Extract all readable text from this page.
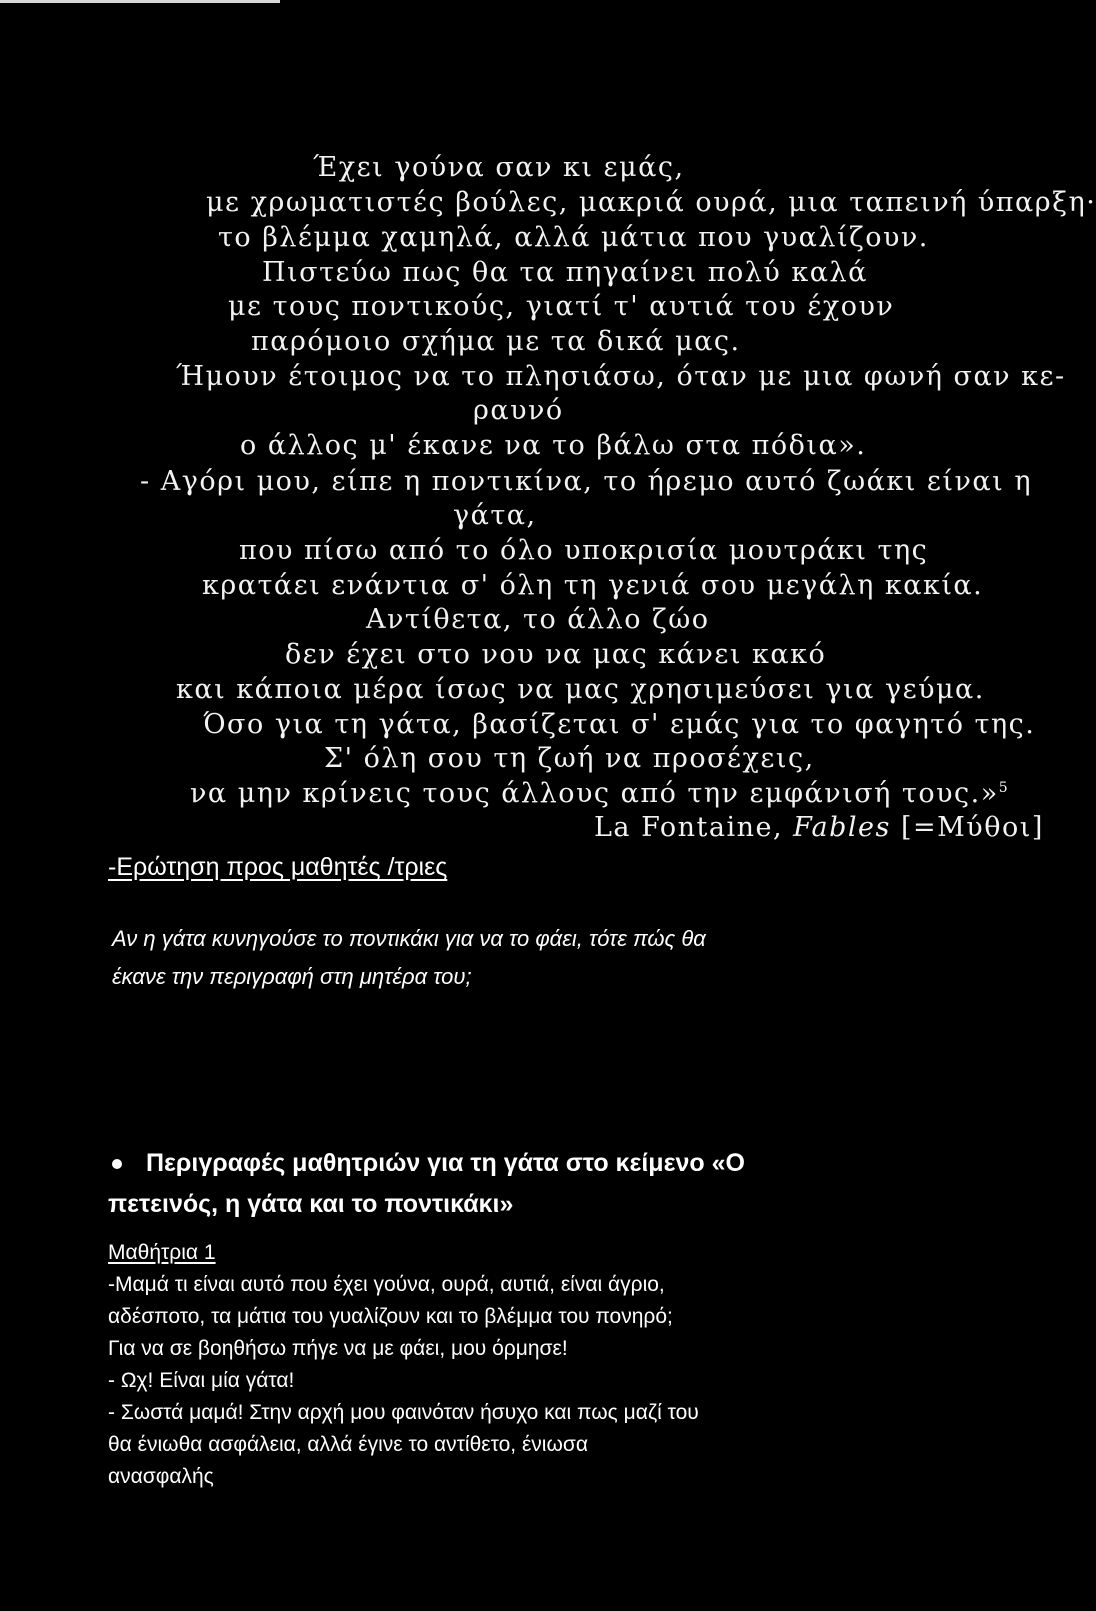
Έχει γούνα σαν κι εμάς,
με χρωματιστές βούλες, μακριά ουρά, μια ταπεινή ύπαρξη·
το βλέμμα χαμηλά, αλλά μάτια που γυαλίζουν.
Πιστεύω πως θα τα πηγαίνει πολύ καλά
με τους ποντικούς, γιατί τ' αυτιά του έχουν
παρόμοιο σχήμα με τα δικά μας.
Ήμουν έτοιμος να το πλησιάσω, όταν με μια φωνή σαν κε-
ραυνό
ο άλλος μ' έκανε να το βάλω στα πόδια».
- Αγόρι μου, είπε η ποντικίνα, το ήρεμο αυτό ζωάκι είναι η
γάτα,
που πίσω από το όλο υποκρισία μουτράκι της
κρατάει ενάντια σ' όλη τη γενιά σου μεγάλη κακία.
Αντίθετα, το άλλο ζώο
δεν έχει στο νου να μας κάνει κακό
και κάποια μέρα ίσως να μας χρησιμεύσει για γεύμα.
Όσο για τη γάτα, βασίζεται σ' εμάς για το φαγητό της.
Σ' όλη σου τη ζωή να προσέχεις,
να μην κρίνεις τους άλλους από την εμφάνισή τους.»$^5$
La Fontaine, Fables [=Μύθοι]
-Ερώτηση προς μαθητές /τριες
Αν η γάτα κυνηγούσε το ποντικάκι για να το φάει, τότε πώς θα
έκανε την περιγραφή στη μητέρα του;
Περιγραφές μαθητριών για τη γάτα στο κείμενο «Ο
πετεινός, η γάτα και το ποντικάκι»
Μαθήτρια 1
-Μαμά τι είναι αυτό που έχει γούνα, ουρά, αυτιά, είναι άγριο,
αδέσποτο, τα μάτια του γυαλίζουν και το βλέμμα του πονηρό;
Για να σε βοηθήσω πήγε να με φάει, μου όρμησε!
- Ωχ! Είναι μία γάτα!
- Σωστά μαμά! Στην αρχή μου φαινόταν ήσυχο και πως μαζί του
θα ένιωθα ασφάλεια, αλλά έγινε το αντίθετο, ένιωσα
ανασφαλής
